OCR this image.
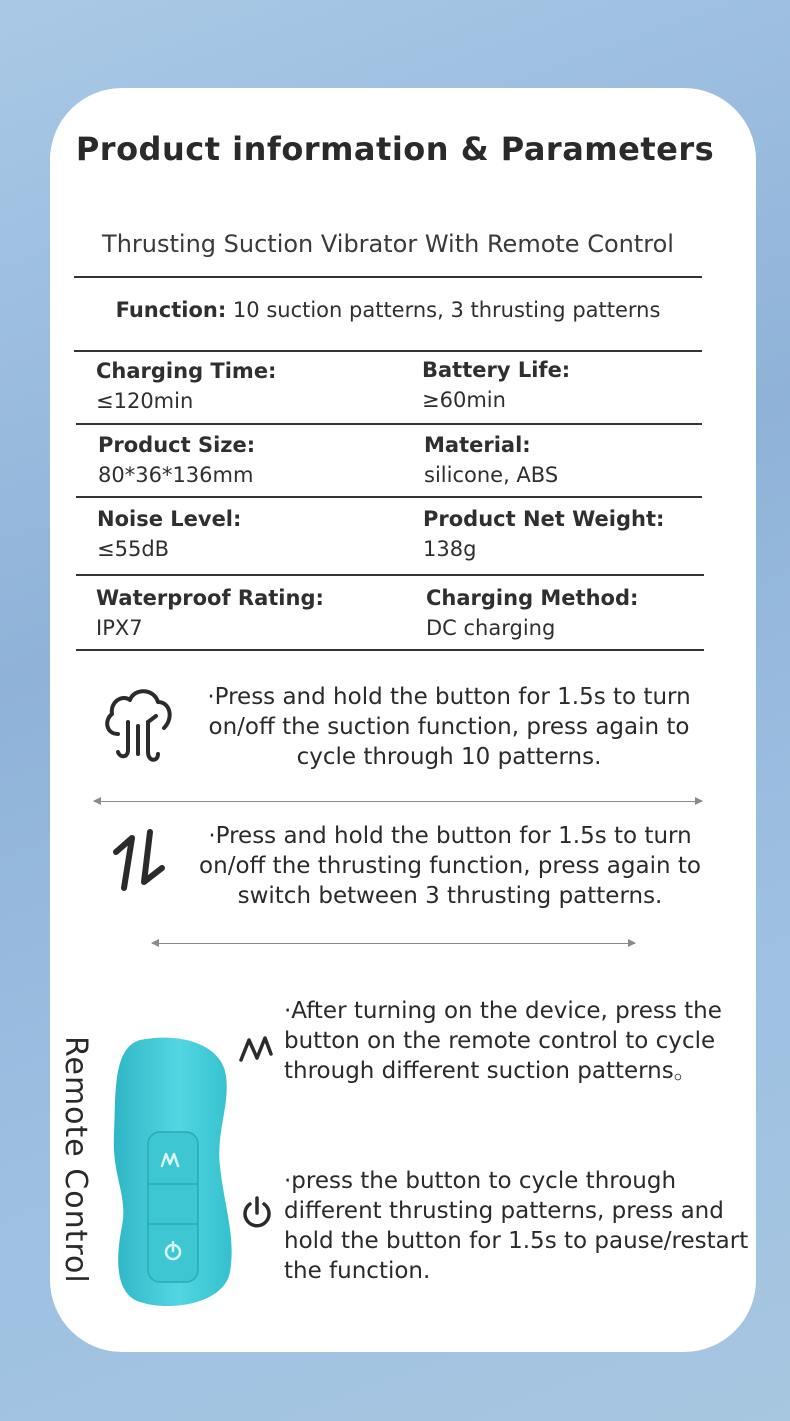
Product information & Parameters
Thrusting Suction Vibrator With Remote Control
Function: 10 suction patterns, 3 thrusting patterns
Charging Time:
≤120min
Battery Life:
≥60min
Product Size:
80*36*136mm
Material:
silicone, ABS
Noise Level:
≤55dB
Product Net Weight:
138g
Waterproof Rating:
IPX7
Charging Method:
DC charging
·Press and hold the button for 1.5s to turn
on/off the suction function, press again to
cycle through 10 patterns.
·Press and hold the button for 1.5s to turn
on/off the thrusting function, press again to
switch between 3 thrusting patterns.
Remote Control
·After turning on the device, press the
button on the remote control to cycle
through different suction patterns。
·press the button to cycle through
different thrusting patterns, press and
hold the button for 1.5s to pause/restart
the function.
